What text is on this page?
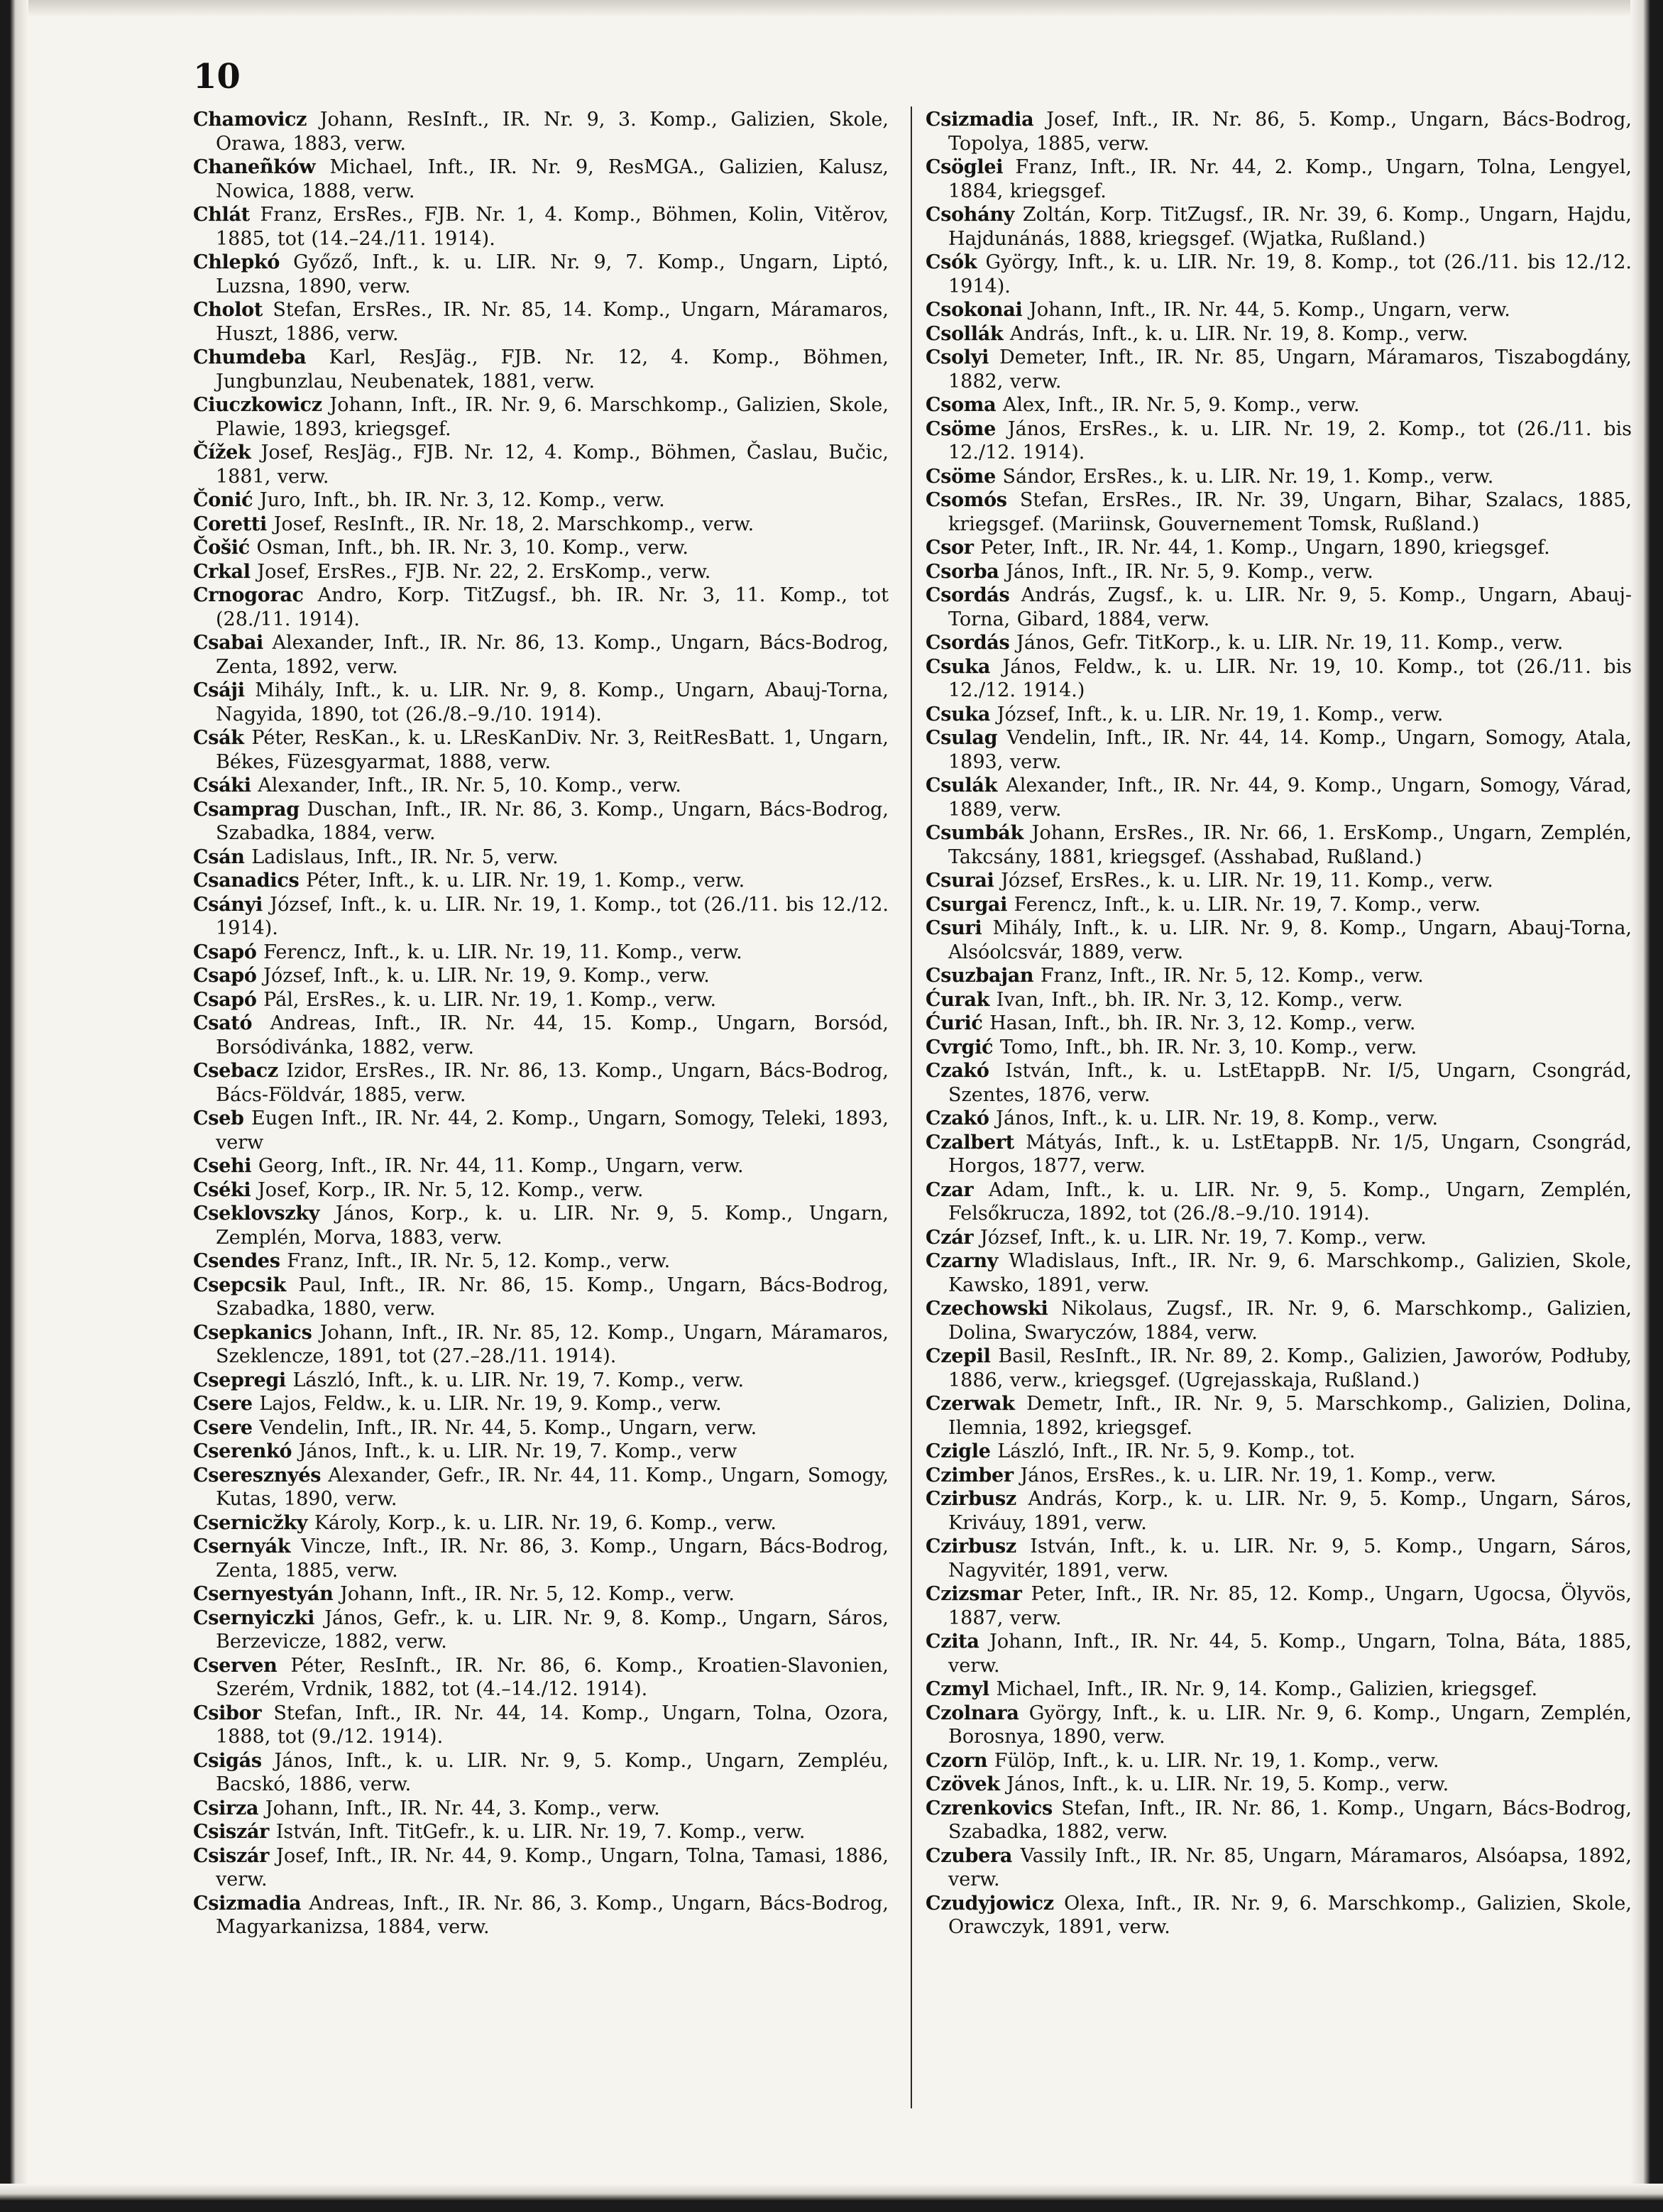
10
Chamovicz Johann, ResInft., IR. Nr. 9, 3. Komp., Galizien, Skole, Orawa, 1883, verw.
Chaneñków Michael, Inft., IR. Nr. 9, ResMGA., Galizien, Kalusz, Nowica, 1888, verw.
Chlát Franz, ErsRes., FJB. Nr. 1, 4. Komp., Böhmen, Kolin, Vitěrov, 1885, tot (14.–24./11. 1914).
Chlepkó Győző, Inft., k. u. LIR. Nr. 9, 7. Komp., Ungarn, Liptó, Luzsna, 1890, verw.
Cholot Stefan, ErsRes., IR. Nr. 85, 14. Komp., Ungarn, Máramaros, Huszt, 1886, verw.
Chumdeba Karl, ResJäg., FJB. Nr. 12, 4. Komp., Böhmen, Jungbunzlau, Neubenatek, 1881, verw.
Ciuczkowicz Johann, Inft., IR. Nr. 9, 6. Marschkomp., Galizien, Skole, Plawie, 1893, kriegsgef.
Čížek Josef, ResJäg., FJB. Nr. 12, 4. Komp., Böhmen, Časlau, Bučic, 1881, verw.
Čonić Juro, Inft., bh. IR. Nr. 3, 12. Komp., verw.
Coretti Josef, ResInft., IR. Nr. 18, 2. Marschkomp., verw.
Čošić Osman, Inft., bh. IR. Nr. 3, 10. Komp., verw.
Crkal Josef, ErsRes., FJB. Nr. 22, 2. ErsKomp., verw.
Crnogorac Andro, Korp. TitZugsf., bh. IR. Nr. 3, 11. Komp., tot (28./11. 1914).
Csabai Alexander, Inft., IR. Nr. 86, 13. Komp., Ungarn, Bács-Bodrog, Zenta, 1892, verw.
Csáji Mihály, Inft., k. u. LIR. Nr. 9, 8. Komp., Ungarn, Abauj-Torna, Nagyida, 1890, tot (26./8.–9./10. 1914).
Csák Péter, ResKan., k. u. LResKanDiv. Nr. 3, ReitResBatt. 1, Ungarn, Békes, Füzesgyarmat, 1888, verw.
Csáki Alexander, Inft., IR. Nr. 5, 10. Komp., verw.
Csamprag Duschan, Inft., IR. Nr. 86, 3. Komp., Ungarn, Bács-Bodrog, Szabadka, 1884, verw.
Csán Ladislaus, Inft., IR. Nr. 5, verw.
Csanadics Péter, Inft., k. u. LIR. Nr. 19, 1. Komp., verw.
Csányi József, Inft., k. u. LIR. Nr. 19, 1. Komp., tot (26./11. bis 12./12. 1914).
Csapó Ferencz, Inft., k. u. LIR. Nr. 19, 11. Komp., verw.
Csapó József, Inft., k. u. LIR. Nr. 19, 9. Komp., verw.
Csapó Pál, ErsRes., k. u. LIR. Nr. 19, 1. Komp., verw.
Csató Andreas, Inft., IR. Nr. 44, 15. Komp., Ungarn, Borsód, Borsódivánka, 1882, verw.
Csebacz Izidor, ErsRes., IR. Nr. 86, 13. Komp., Ungarn, Bács-Bodrog, Bács-Földvár, 1885, verw.
Cseb Eugen Inft., IR. Nr. 44, 2. Komp., Ungarn, Somogy, Teleki, 1893, verw
Csehi Georg, Inft., IR. Nr. 44, 11. Komp., Ungarn, verw.
Cséki Josef, Korp., IR. Nr. 5, 12. Komp., verw.
Cseklovszky János, Korp., k. u. LIR. Nr. 9, 5. Komp., Ungarn, Zemplén, Morva, 1883, verw.
Csendes Franz, Inft., IR. Nr. 5, 12. Komp., verw.
Csepcsik Paul, Inft., IR. Nr. 86, 15. Komp., Ungarn, Bács-Bodrog, Szabadka, 1880, verw.
Csepkanics Johann, Inft., IR. Nr. 85, 12. Komp., Ungarn, Máramaros, Szeklencze, 1891, tot (27.–28./11. 1914).
Csepregi László, Inft., k. u. LIR. Nr. 19, 7. Komp., verw.
Csere Lajos, Feldw., k. u. LIR. Nr. 19, 9. Komp., verw.
Csere Vendelin, Inft., IR. Nr. 44, 5. Komp., Ungarn, verw.
Cserenkó János, Inft., k. u. LIR. Nr. 19, 7. Komp., verw
Cseresznyés Alexander, Gefr., IR. Nr. 44, 11. Komp., Ungarn, Somogy, Kutas, 1890, verw.
Csernicz̆ky Károly, Korp., k. u. LIR. Nr. 19, 6. Komp., verw.
Csernyák Vincze, Inft., IR. Nr. 86, 3. Komp., Ungarn, Bács-Bodrog, Zenta, 1885, verw.
Csernyestyán Johann, Inft., IR. Nr. 5, 12. Komp., verw.
Csernyiczki János, Gefr., k. u. LIR. Nr. 9, 8. Komp., Ungarn, Sáros, Berzevicze, 1882, verw.
Cserven Péter, ResInft., IR. Nr. 86, 6. Komp., Kroatien-Slavonien, Szerém, Vrdnik, 1882, tot (4.–14./12. 1914).
Csibor Stefan, Inft., IR. Nr. 44, 14. Komp., Ungarn, Tolna, Ozora, 1888, tot (9./12. 1914).
Csigás János, Inft., k. u. LIR. Nr. 9, 5. Komp., Ungarn, Zempléu, Bacskó, 1886, verw.
Csirza Johann, Inft., IR. Nr. 44, 3. Komp., verw.
Csiszár István, Inft. TitGefr., k. u. LIR. Nr. 19, 7. Komp., verw.
Csiszár Josef, Inft., IR. Nr. 44, 9. Komp., Ungarn, Tolna, Tamasi, 1886, verw.
Csizmadia Andreas, Inft., IR. Nr. 86, 3. Komp., Ungarn, Bács-Bodrog, Magyarkanizsa, 1884, verw.
Csizmadia Josef, Inft., IR. Nr. 86, 5. Komp., Ungarn, Bács-Bodrog, Topolya, 1885, verw.
Csöglei Franz, Inft., IR. Nr. 44, 2. Komp., Ungarn, Tolna, Lengyel, 1884, kriegsgef.
Csohány Zoltán, Korp. TitZugsf., IR. Nr. 39, 6. Komp., Ungarn, Hajdu, Hajdunánás, 1888, kriegsgef. (Wjatka, Rußland.)
Csók György, Inft., k. u. LIR. Nr. 19, 8. Komp., tot (26./11. bis 12./12. 1914).
Csokonai Johann, Inft., IR. Nr. 44, 5. Komp., Ungarn, verw.
Csollák András, Inft., k. u. LIR. Nr. 19, 8. Komp., verw.
Csolyi Demeter, Inft., IR. Nr. 85, Ungarn, Máramaros, Tiszabogdány, 1882, verw.
Csoma Alex, Inft., IR. Nr. 5, 9. Komp., verw.
Csöme János, ErsRes., k. u. LIR. Nr. 19, 2. Komp., tot (26./11. bis 12./12. 1914).
Csöme Sándor, ErsRes., k. u. LIR. Nr. 19, 1. Komp., verw.
Csomós Stefan, ErsRes., IR. Nr. 39, Ungarn, Bihar, Szalacs, 1885, kriegsgef. (Mariinsk, Gouvernement Tomsk, Rußland.)
Csor Peter, Inft., IR. Nr. 44, 1. Komp., Ungarn, 1890, kriegsgef.
Csorba János, Inft., IR. Nr. 5, 9. Komp., verw.
Csordás András, Zugsf., k. u. LIR. Nr. 9, 5. Komp., Ungarn, Abauj-Torna, Gibard, 1884, verw.
Csordás János, Gefr. TitKorp., k. u. LIR. Nr. 19, 11. Komp., verw.
Csuka János, Feldw., k. u. LIR. Nr. 19, 10. Komp., tot (26./11. bis 12./12. 1914.)
Csuka József, Inft., k. u. LIR. Nr. 19, 1. Komp., verw.
Csulag Vendelin, Inft., IR. Nr. 44, 14. Komp., Ungarn, Somogy, Atala, 1893, verw.
Csulák Alexander, Inft., IR. Nr. 44, 9. Komp., Ungarn, Somogy, Várad, 1889, verw.
Csumbák Johann, ErsRes., IR. Nr. 66, 1. ErsKomp., Ungarn, Zemplén, Takcsány, 1881, kriegsgef. (Asshabad, Rußland.)
Csurai József, ErsRes., k. u. LIR. Nr. 19, 11. Komp., verw.
Csurgai Ferencz, Inft., k. u. LIR. Nr. 19, 7. Komp., verw.
Csuri Mihály, Inft., k. u. LIR. Nr. 9, 8. Komp., Ungarn, Abauj-Torna, Alsóolcsvár, 1889, verw.
Csuzbajan Franz, Inft., IR. Nr. 5, 12. Komp., verw.
Ćurak Ivan, Inft., bh. IR. Nr. 3, 12. Komp., verw.
Ćurić Hasan, Inft., bh. IR. Nr. 3, 12. Komp., verw.
Cvrgić Tomo, Inft., bh. IR. Nr. 3, 10. Komp., verw.
Czakó István, Inft., k. u. LstEtappB. Nr. I/5, Ungarn, Csongrád, Szentes, 1876, verw.
Czakó János, Inft., k. u. LIR. Nr. 19, 8. Komp., verw.
Czalbert Mátyás, Inft., k. u. LstEtappB. Nr. 1/5, Ungarn, Csongrád, Horgos, 1877, verw.
Czar Adam, Inft., k. u. LIR. Nr. 9, 5. Komp., Ungarn, Zemplén, Felsőkrucza, 1892, tot (26./8.–9./10. 1914).
Czár József, Inft., k. u. LIR. Nr. 19, 7. Komp., verw.
Czarny Wladislaus, Inft., IR. Nr. 9, 6. Marschkomp., Galizien, Skole, Kawsko, 1891, verw.
Czechowski Nikolaus, Zugsf., IR. Nr. 9, 6. Marschkomp., Galizien, Dolina, Swaryczów, 1884, verw.
Czepil Basil, ResInft., IR. Nr. 89, 2. Komp., Galizien, Jaworów, Podłuby, 1886, verw., kriegsgef. (Ugrejasskaja, Rußland.)
Czerwak Demetr, Inft., IR. Nr. 9, 5. Marschkomp., Galizien, Dolina, Ilemnia, 1892, kriegsgef.
Czigle László, Inft., IR. Nr. 5, 9. Komp., tot.
Czimber János, ErsRes., k. u. LIR. Nr. 19, 1. Komp., verw.
Czirbusz András, Korp., k. u. LIR. Nr. 9, 5. Komp., Ungarn, Sáros, Kriváuy, 1891, verw.
Czirbusz István, Inft., k. u. LIR. Nr. 9, 5. Komp., Ungarn, Sáros, Nagyvitér, 1891, verw.
Czizsmar Peter, Inft., IR. Nr. 85, 12. Komp., Ungarn, Ugocsa, Ölyvös, 1887, verw.
Czita Johann, Inft., IR. Nr. 44, 5. Komp., Ungarn, Tolna, Báta, 1885, verw.
Czmyl Michael, Inft., IR. Nr. 9, 14. Komp., Galizien, kriegsgef.
Czolnara György, Inft., k. u. LIR. Nr. 9, 6. Komp., Ungarn, Zemplén, Borosnya, 1890, verw.
Czorn Fülöp, Inft., k. u. LIR. Nr. 19, 1. Komp., verw.
Czövek János, Inft., k. u. LIR. Nr. 19, 5. Komp., verw.
Czrenkovics Stefan, Inft., IR. Nr. 86, 1. Komp., Ungarn, Bács-Bodrog, Szabadka, 1882, verw.
Czubera Vassily Inft., IR. Nr. 85, Ungarn, Máramaros, Alsóapsa, 1892, verw.
Czudyjowicz Olexa, Inft., IR. Nr. 9, 6. Marschkomp., Galizien, Skole, Orawczyk, 1891, verw.
